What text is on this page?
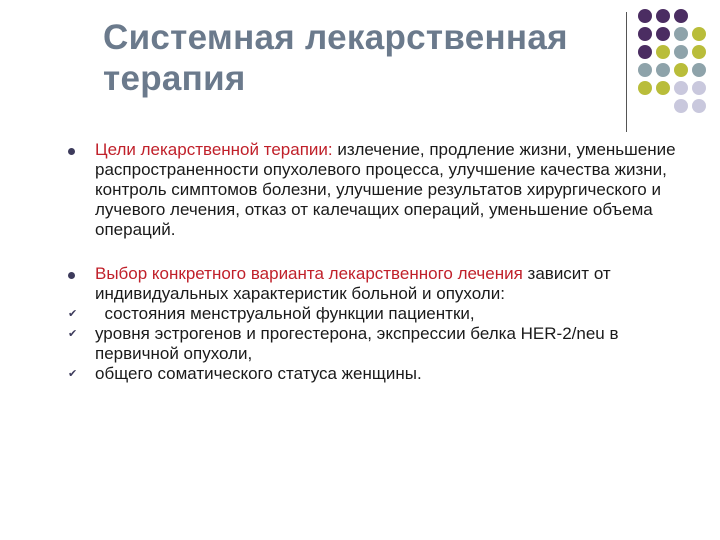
Системная лекарственная
терапия
Цели лекарственной терапии: излечение, продление жизни, уменьшение распространенности опухолевого процесса, улучшение качества жизни, контроль симптомов болезни, улучшение результатов хирургического и лучевого лечения, отказ от калечащих операций, уменьшение объема операций.
Выбор конкретного варианта лекарственного лечения зависит от индивидуальных характеристик больной и опухоли:
✔	состояния менструальной функции пациентки,
✔	уровня эстрогенов и прогестерона, экспрессии белка HER-2/neu в первичной опухоли,
✔	общего соматического статуса женщины.
